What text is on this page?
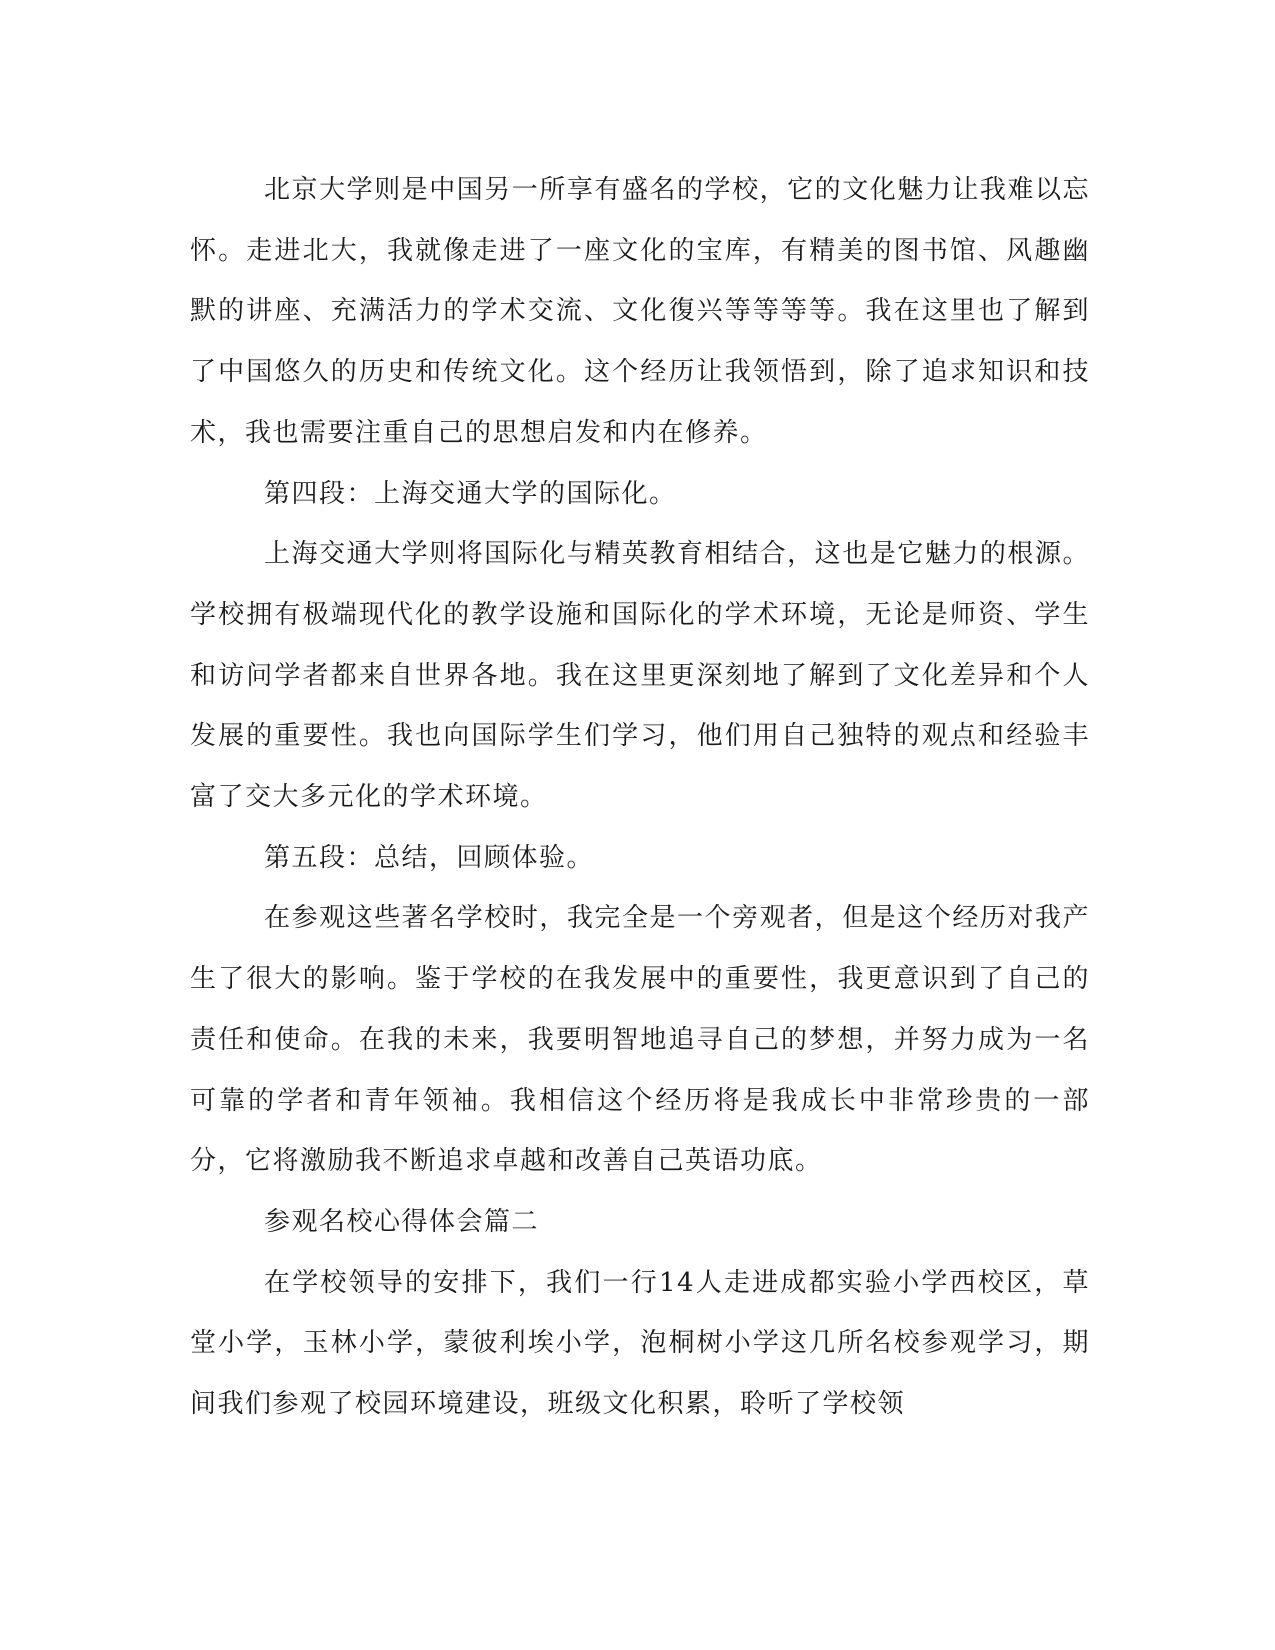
北京大学则是中国另一所享有盛名的学校，它的文化魅力让我难以忘怀。走进北大，我就像走进了一座文化的宝库，有精美的图书馆、风趣幽默的讲座、充满活力的学术交流、文化復兴等等等等。我在这里也了解到了中国悠久的历史和传统文化。这个经历让我领悟到，除了追求知识和技术，我也需要注重自己的思想启发和内在修养。

第四段：上海交通大学的国际化。

上海交通大学则将国际化与精英教育相结合，这也是它魅力的根源。学校拥有极端现代化的教学设施和国际化的学术环境，无论是师资、学生和访问学者都来自世界各地。我在这里更深刻地了解到了文化差异和个人发展的重要性。我也向国际学生们学习，他们用自己独特的观点和经验丰富了交大多元化的学术环境。

第五段：总结，回顾体验。

在参观这些著名学校时，我完全是一个旁观者，但是这个经历对我产生了很大的影响。鉴于学校的在我发展中的重要性，我更意识到了自己的责任和使命。在我的未来，我要明智地追寻自己的梦想，并努力成为一名可靠的学者和青年领袖。我相信这个经历将是我成长中非常珍贵的一部分，它将激励我不断追求卓越和改善自己英语功底。

参观名校心得体会篇二

在学校领导的安排下，我们一行14人走进成都实验小学西校区，草堂小学，玉林小学，蒙彼利埃小学，泡桐树小学这几所名校参观学习，期间我们参观了校园环境建设，班级文化积累，聆听了学校领
